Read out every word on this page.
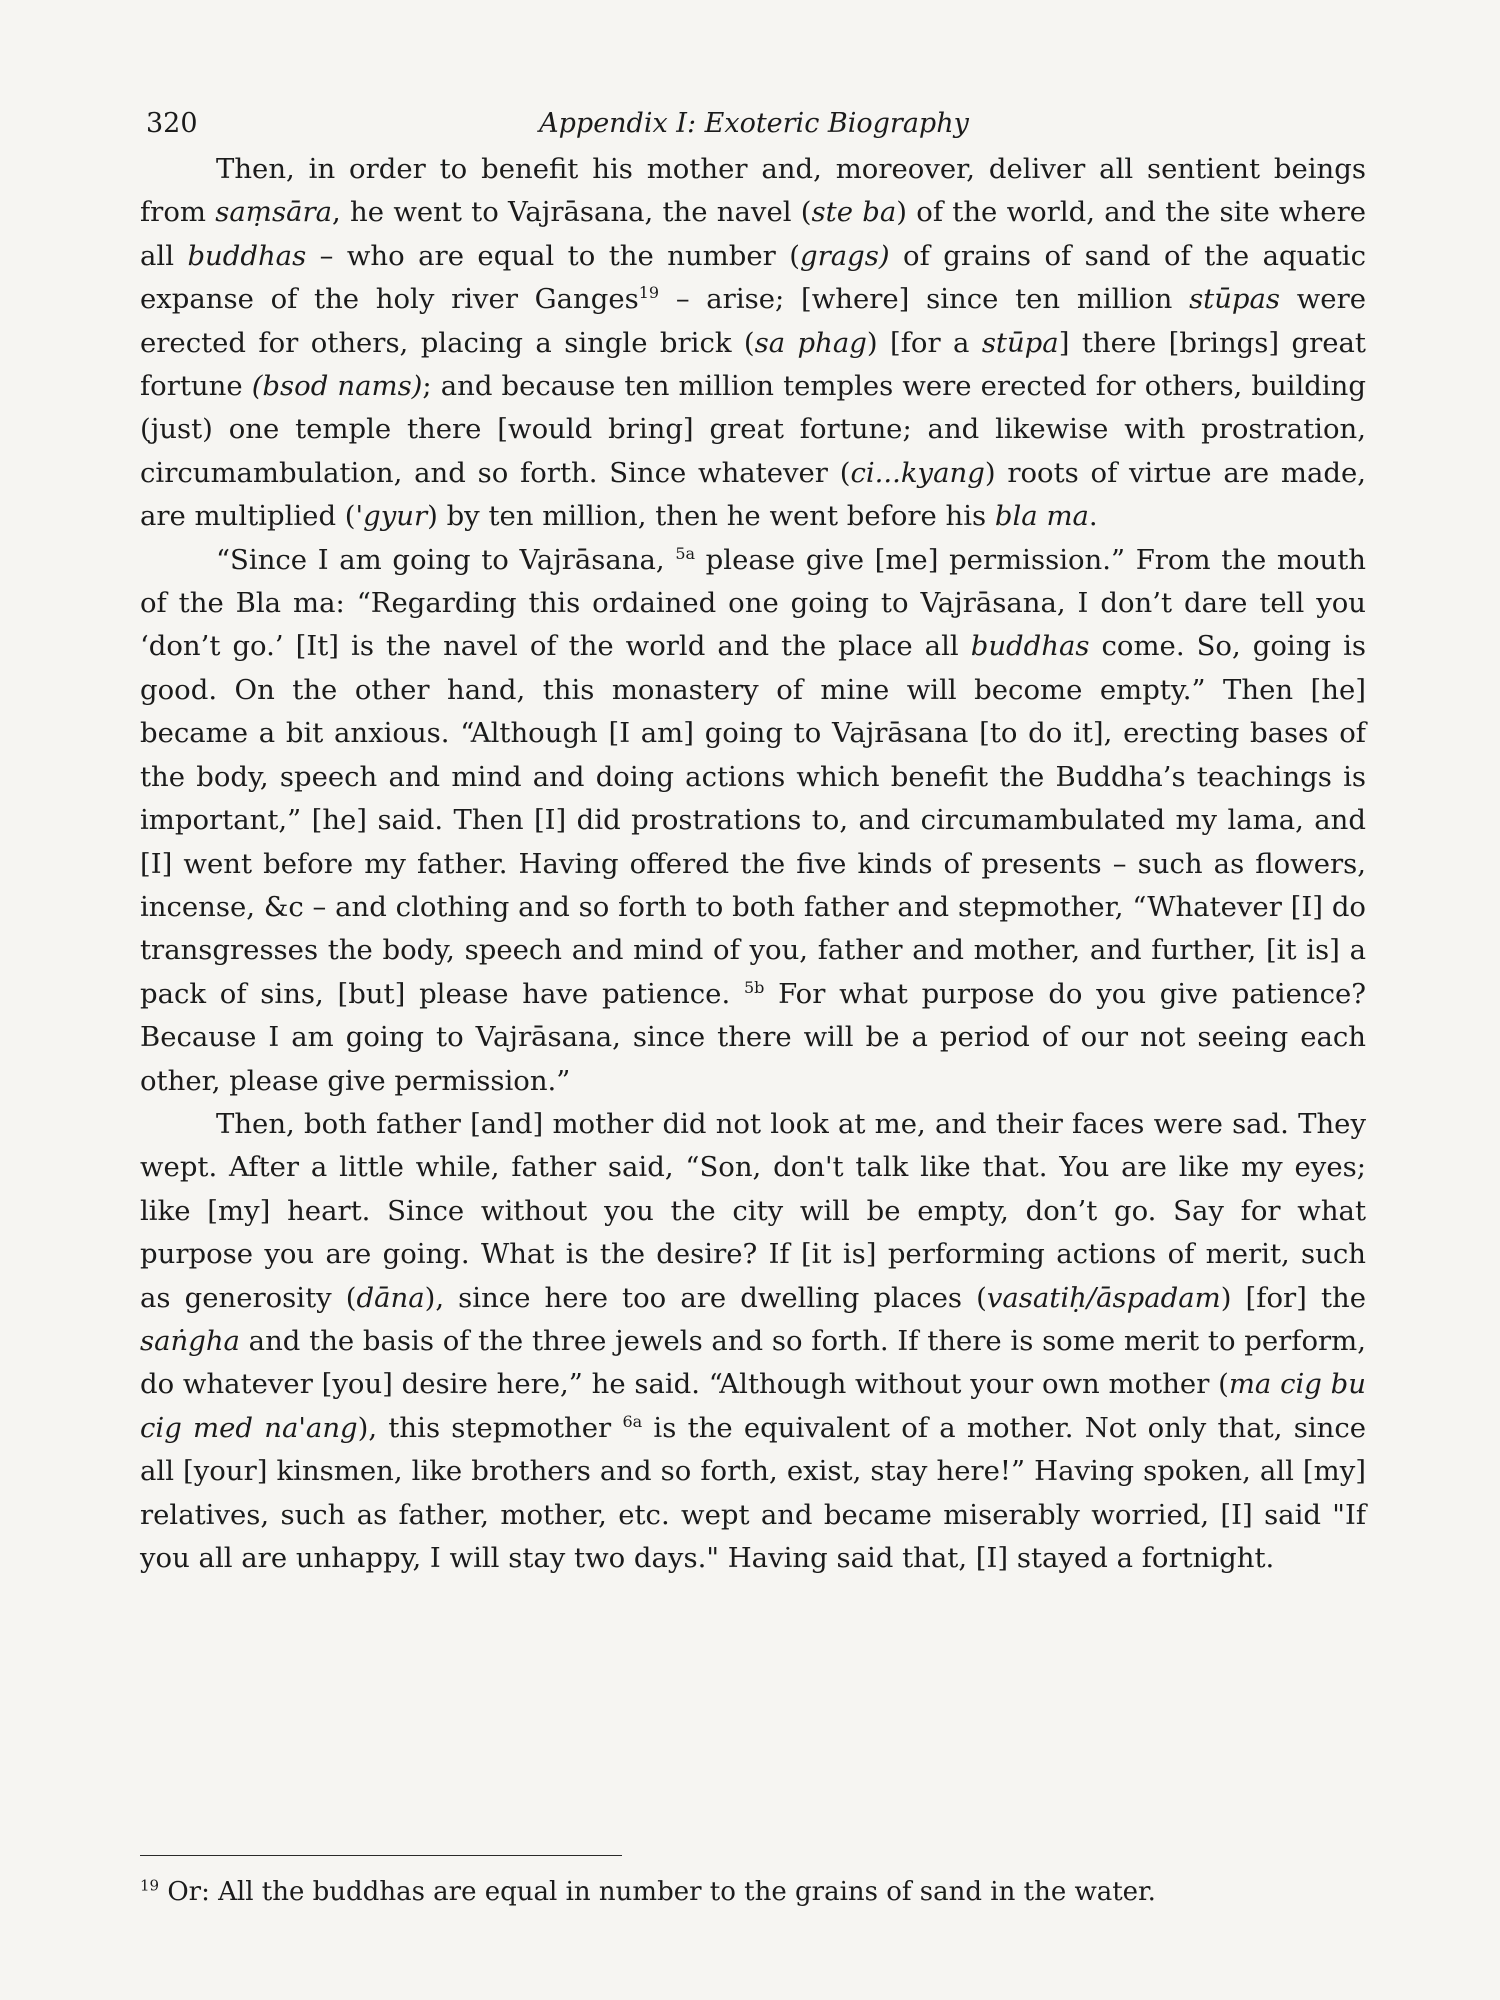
320	Appendix I: Exoteric Biography

Then, in order to benefit his mother and, moreover, deliver all sentient beings from saṃsāra, he went to Vajrāsana, the navel (ste ba) of the world, and the site where all buddhas – who are equal to the number (grags) of grains of sand of the aquatic expanse of the holy river Ganges$^{19}$ – arise; [where] since ten million stūpas were erected for others, placing a single brick (sa phag) [for a stūpa] there [brings] great fortune (bsod nams); and because ten million temples were erected for others, building (just) one temple there [would bring] great fortune; and likewise with prostration, circumambulation, and so forth. Since whatever (ci...kyang) roots of virtue are made, are multiplied ('gyur) by ten million, then he went before his bla ma.

“Since I am going to Vajrāsana, $^{5a}$ please give [me] permission.” From the mouth of the Bla ma: “Regarding this ordained one going to Vajrāsana, I don’t dare tell you ‘don’t go.’ [It] is the navel of the world and the place all buddhas come. So, going is good. On the other hand, this monastery of mine will become empty.” Then [he] became a bit anxious. “Although [I am] going to Vajrāsana [to do it], erecting bases of the body, speech and mind and doing actions which benefit the Buddha’s teachings is important,” [he] said. Then [I] did prostrations to, and circumambulated my lama, and [I] went before my father. Having offered the five kinds of presents – such as flowers, incense, &c – and clothing and so forth to both father and stepmother, “Whatever [I] do transgresses the body, speech and mind of you, father and mother, and further, [it is] a pack of sins, [but] please have patience. $^{5b}$ For what purpose do you give patience? Because I am going to Vajrāsana, since there will be a period of our not seeing each other, please give permission.”

Then, both father [and] mother did not look at me, and their faces were sad. They wept. After a little while, father said, “Son, don't talk like that. You are like my eyes; like [my] heart. Since without you the city will be empty, don’t go. Say for what purpose you are going. What is the desire? If [it is] performing actions of merit, such as generosity (dāna), since here too are dwelling places (vasatiḥ/āspadam) [for] the saṅgha and the basis of the three jewels and so forth. If there is some merit to perform, do whatever [you] desire here,” he said. “Although without your own mother (ma cig bu cig med na'ang), this stepmother $^{6a}$ is the equivalent of a mother. Not only that, since all [your] kinsmen, like brothers and so forth, exist, stay here!” Having spoken, all [my] relatives, such as father, mother, etc. wept and became miserably worried, [I] said "If you all are unhappy, I will stay two days." Having said that, [I] stayed a fortnight.

$^{19}$ Or: All the buddhas are equal in number to the grains of sand in the water.
